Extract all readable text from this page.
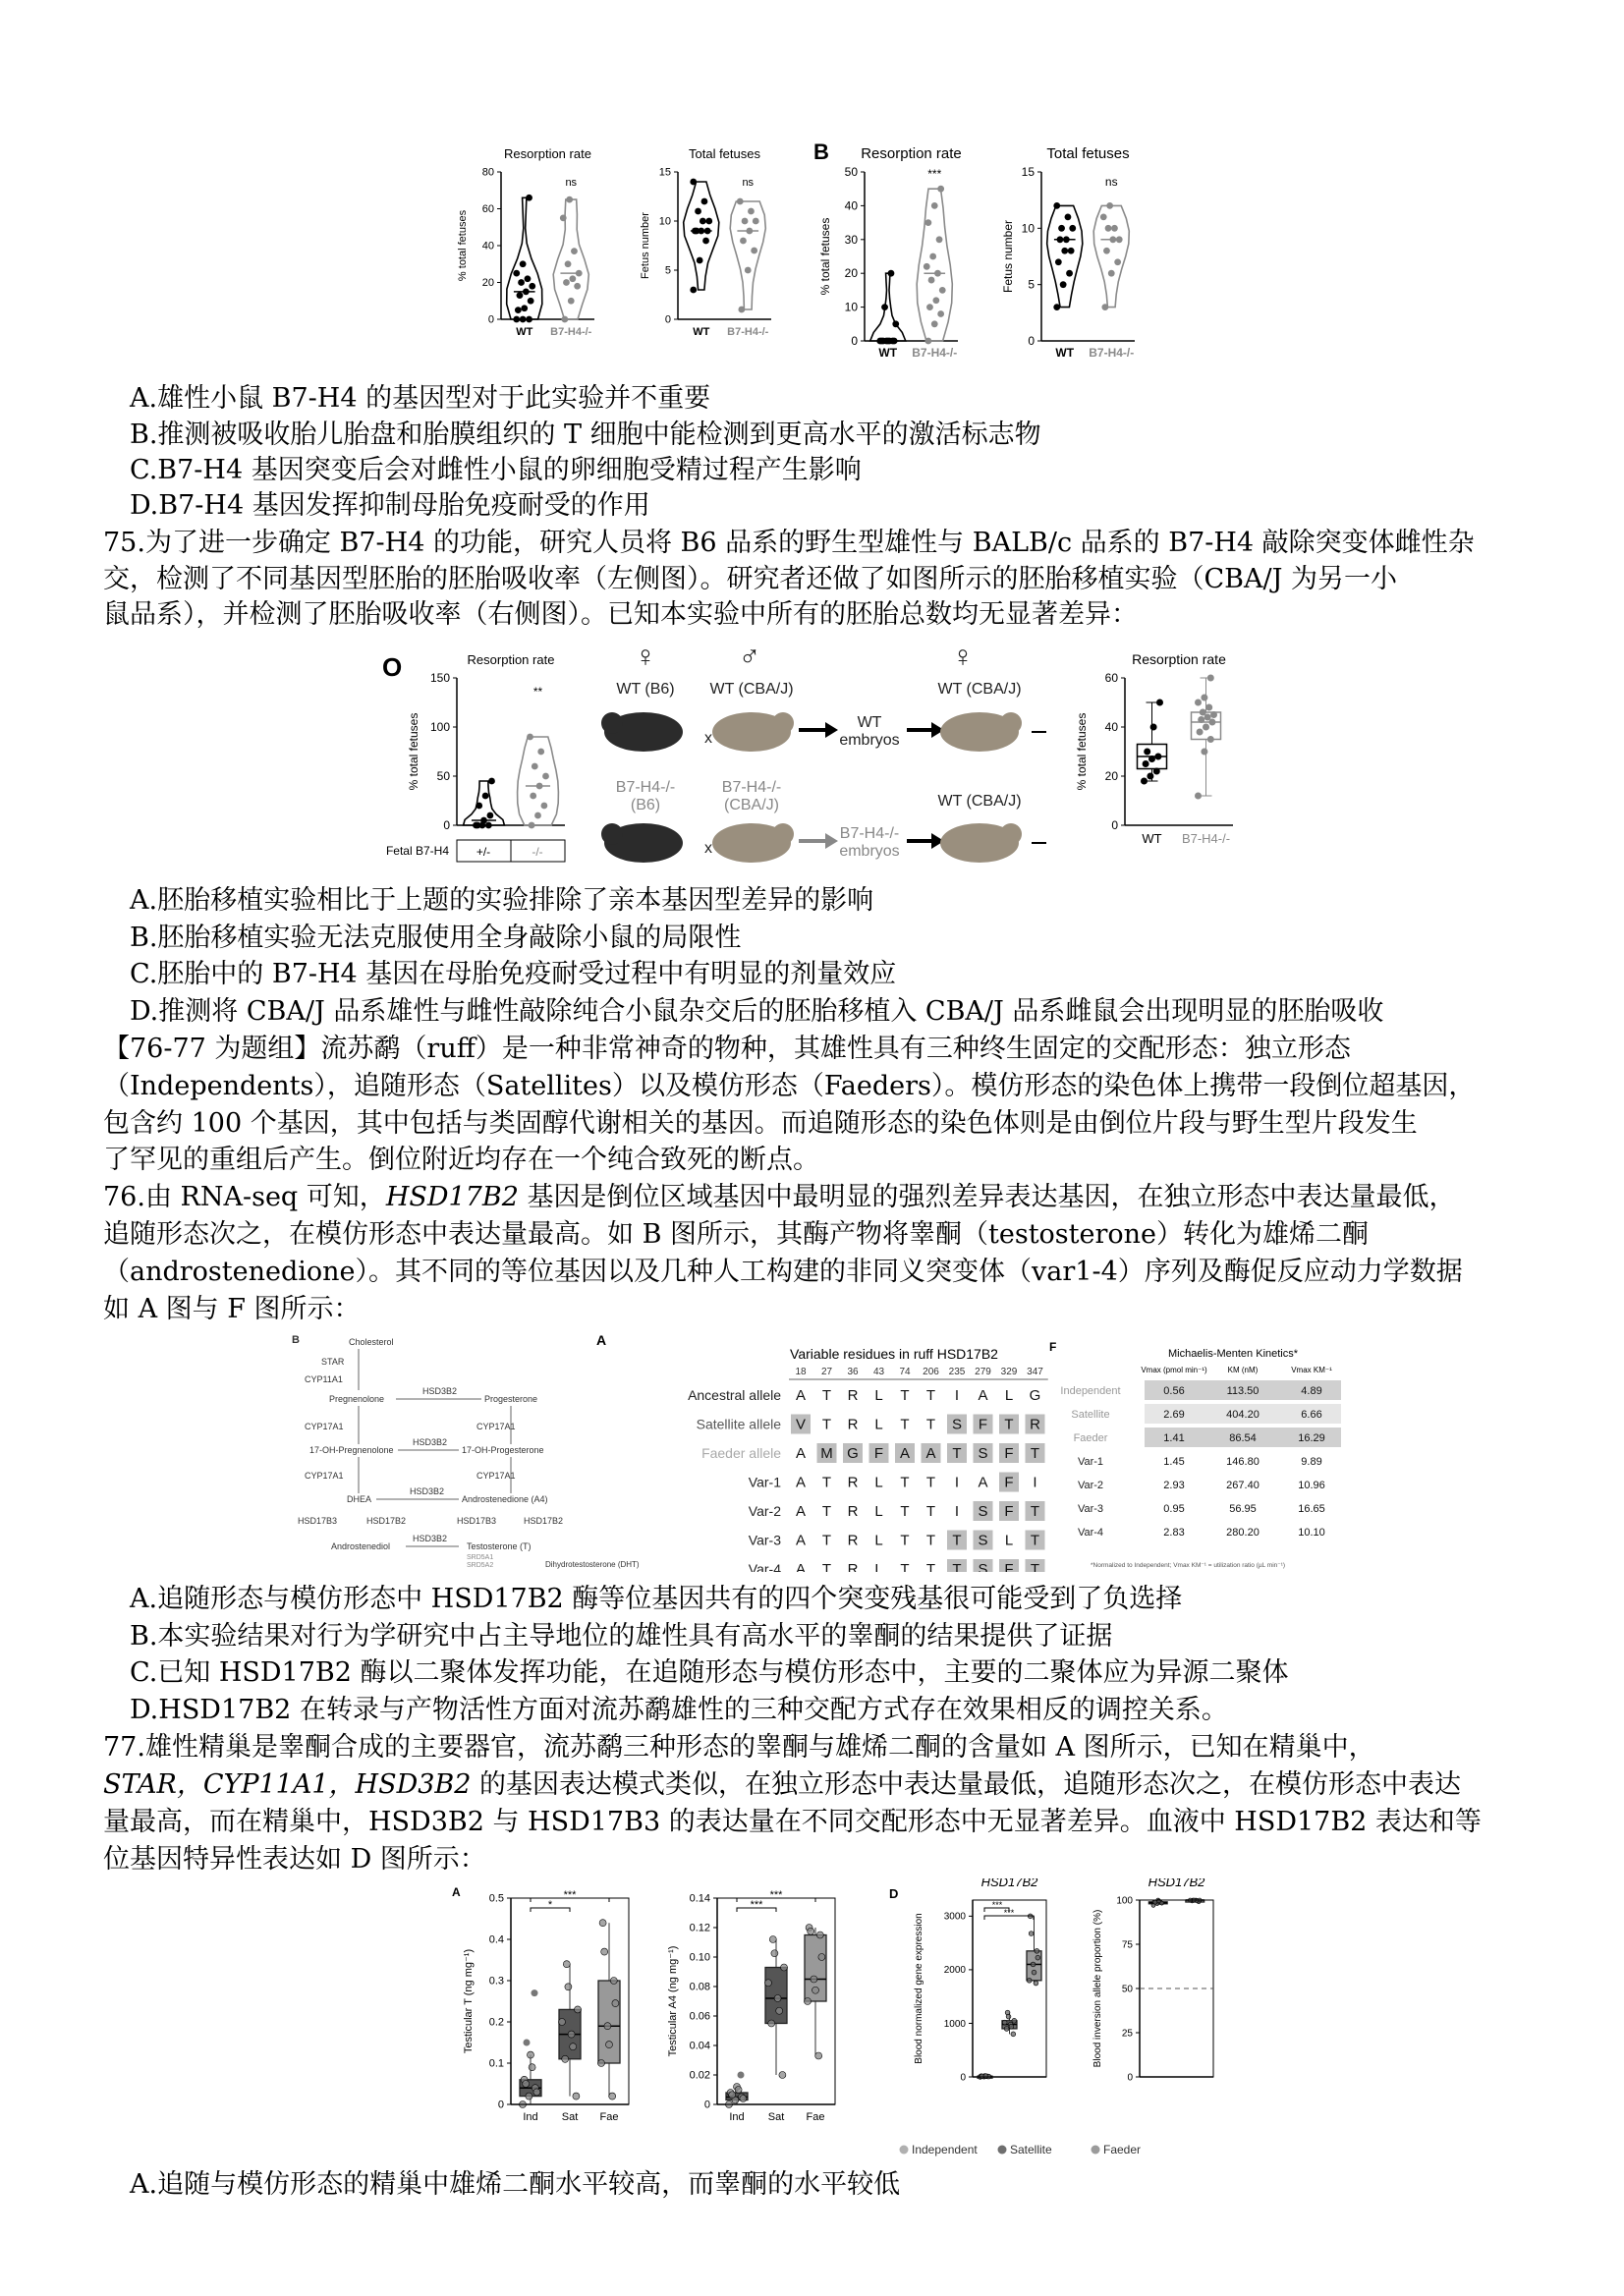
0
20
40
60
80
% total fetuses
Resorption rate
WT B7-H4-/-
ns
0
5
10
15
Fetus number
Total fetuses
WT B7-H4-/-
ns
B
0
10
20
30
40
50
% total fetuses
Resorption rate
WT B7-H4-/-
***
0
5
10
15
Fetus number
Total fetuses
WT B7-H4-/-
ns
A.雄性小鼠 B7-H4 的基因型对于此实验并不重要
B.推测被吸收胎儿胎盘和胎膜组织的 T 细胞中能检测到更高水平的激活标志物
C.B7-H4 基因突变后会对雌性小鼠的卵细胞受精过程产生影响
D.B7-H4 基因发挥抑制母胎免疫耐受的作用
75.为了进一步确定 B7-H4 的功能，研究人员将 B6 品系的野生型雄性与 BALB/c 品系的 B7-H4 敲除突变体雌性杂
交，检测了不同基因型胚胎的胚胎吸收率（左侧图）。研究者还做了如图所示的胚胎移植实验（CBA/J 为另一小
鼠品系），并检测了胚胎吸收率（右侧图）。已知本实验中所有的胚胎总数均无显著差异：
O
0
50
100
150
% total fetuses
Resorption rate
**
Fetal B7-H4 +/-	-/-
♀	♂	♀
WT (B6) WT (CBA/J)
x
WT
embryos
WT (CBA/J)
B7-H4-/-
(B6)
B7-H4-/-
(CBA/J)
x
B7-H4-/-
embryos
WT (CBA/J)
0
20
40
60
% total fetuses
Resorption rate
WT B7-H4-/-
A.胚胎移植实验相比于上题的实验排除了亲本基因型差异的影响
B.胚胎移植实验无法克服使用全身敲除小鼠的局限性
C.胚胎中的 B7-H4 基因在母胎免疫耐受过程中有明显的剂量效应
D.推测将 CBA/J 品系雄性与雌性敲除纯合小鼠杂交后的胚胎移植入 CBA/J 品系雌鼠会出现明显的胚胎吸收
【76-77 为题组】流苏鹬（ruff）是一种非常神奇的物种，其雄性具有三种终生固定的交配形态：独立形态
（Independents），追随形态（Satellites）以及模仿形态（Faeders）。模仿形态的染色体上携带一段倒位超基因，
包含约 100 个基因，其中包括与类固醇代谢相关的基因。而追随形态的染色体则是由倒位片段与野生型片段发生
了罕见的重组后产生。倒位附近均存在一个纯合致死的断点。
76.由 RNA-seq 可知，HSD17B2 基因是倒位区域基因中最明显的强烈差异表达基因，在独立形态中表达量最低，
追随形态次之，在模仿形态中表达量最高。如 B 图所示，其酶产物将睾酮（testosterone）转化为雄烯二酮
（androstenedione）。其不同的等位基因以及几种人工构建的非同义突变体（var1-4）序列及酶促反应动力学数据
如 A 图与 F 图所示：
B	Cholesterol
STAR
CYP11A1
Pregnenolone
HSD3B2
Progesterone
CYP17A1	CYP17A1
17-OH-Pregnenolone
HSD3B2
17-OH-Progesterone
CYP17A1	CYP17A1
DHEA
HSD3B2
Androstenedione (A4)
HSD17B3	HSD17B2	HSD17B3	HSD17B2
Androstenediol
HSD3B2
Testosterone (T)
SRD5A1
SRD5A2	Dihydrotestosterone (DHT)
A
Variable residues in ruff HSD17B2
18 27 36 43 74 206 235 279 329 347
Ancestral allele A T R L T T I A L G
Satellite allele V T R L T T S F T R
Faeder allele A M G F A A T S F T
Var-1 A T R L T T I A F I
Var-2 A T R L T T I S F T
Var-3 A T R L T T T S L T
Var-4 A T R L T T T S F T
F	Michaelis-Menten Kinetics*
Vmax (pmol min⁻¹)	KM (nM)	Vmax KM⁻¹
Independent	0.56	113.50	4.89
Satellite	2.69	404.20	6.66
Faeder	1.41	86.54	16.29
Var-1	1.45	146.80	9.89
Var-2	2.93	267.40	10.96
Var-3	0.95	56.95	16.65
Var-4	2.83	280.20	10.10
*Normalized to Independent; Vmax KM⁻¹ = utilization ratio (µL min⁻¹)
A.追随形态与模仿形态中 HSD17B2 酶等位基因共有的四个突变残基很可能受到了负选择
B.本实验结果对行为学研究中占主导地位的雄性具有高水平的睾酮的结果提供了证据
C.已知 HSD17B2 酶以二聚体发挥功能，在追随形态与模仿形态中，主要的二聚体应为异源二聚体
D.HSD17B2 在转录与产物活性方面对流苏鹬雄性的三种交配方式存在效果相反的调控关系。
77.雄性精巢是睾酮合成的主要器官，流苏鹬三种形态的睾酮与雄烯二酮的含量如 A 图所示，已知在精巢中，
STAR，CYP11A1，HSD3B2 的基因表达模式类似，在独立形态中表达量最低，追随形态次之，在模仿形态中表达
量最高，而在精巢中，HSD3B2 与 HSD17B3 的表达量在不同交配形态中无显著差异。血液中 HSD17B2 表达和等
位基因特异性表达如 D 图所示：
A	D
0
0.1
0.2
0.3
0.4
0.5
Testicular T (ng mg⁻¹)
Ind Sat Fae
*
***
0
0.02
0.04
0.06
0.08
0.10
0.12
0.14
Testicular A4 (ng mg⁻¹)
Ind Sat Fae
***
***
0
1000
2000
3000
Blood normalized gene expression
HSD17B2
***
***
0
25
50
75
100
Blood inversion allele proportion (%)
HSD17B2
Independent	Satellite	Faeder
A.追随与模仿形态的精巢中雄烯二酮水平较高，而睾酮的水平较低
